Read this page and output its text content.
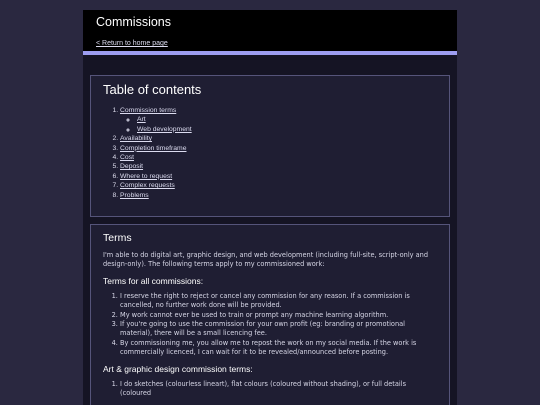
Commissions
< Return to home page
Table of contents
1. Commission terms
◦ Art
◦ Web development
2. Availability
3. Completion timeframe
4. Cost
5. Deposit
6. Where to request
7. Complex requests
8. Problems
Terms

I'm able to do digital art, graphic design, and web development (including full-site, script-only and design-only). The following terms apply to my commissioned work:

Terms for all commissions:
1. I reserve the right to reject or cancel any commission for any reason. If a commission is cancelled, no further work done will be provided.
2. My work cannot ever be used to train or prompt any machine learning algorithm.
3. If you're going to use the commission for your own profit (eg: branding or promotional material), there will be a small licencing fee.
4. By commissioning me, you allow me to repost the work on my social media. If the work is commercially licenced, I can wait for it to be revealed/announced before posting.
Art & graphic design commission terms:
1. I do sketches (colourless lineart), flat colours (coloured without shading), or full details (coloured
